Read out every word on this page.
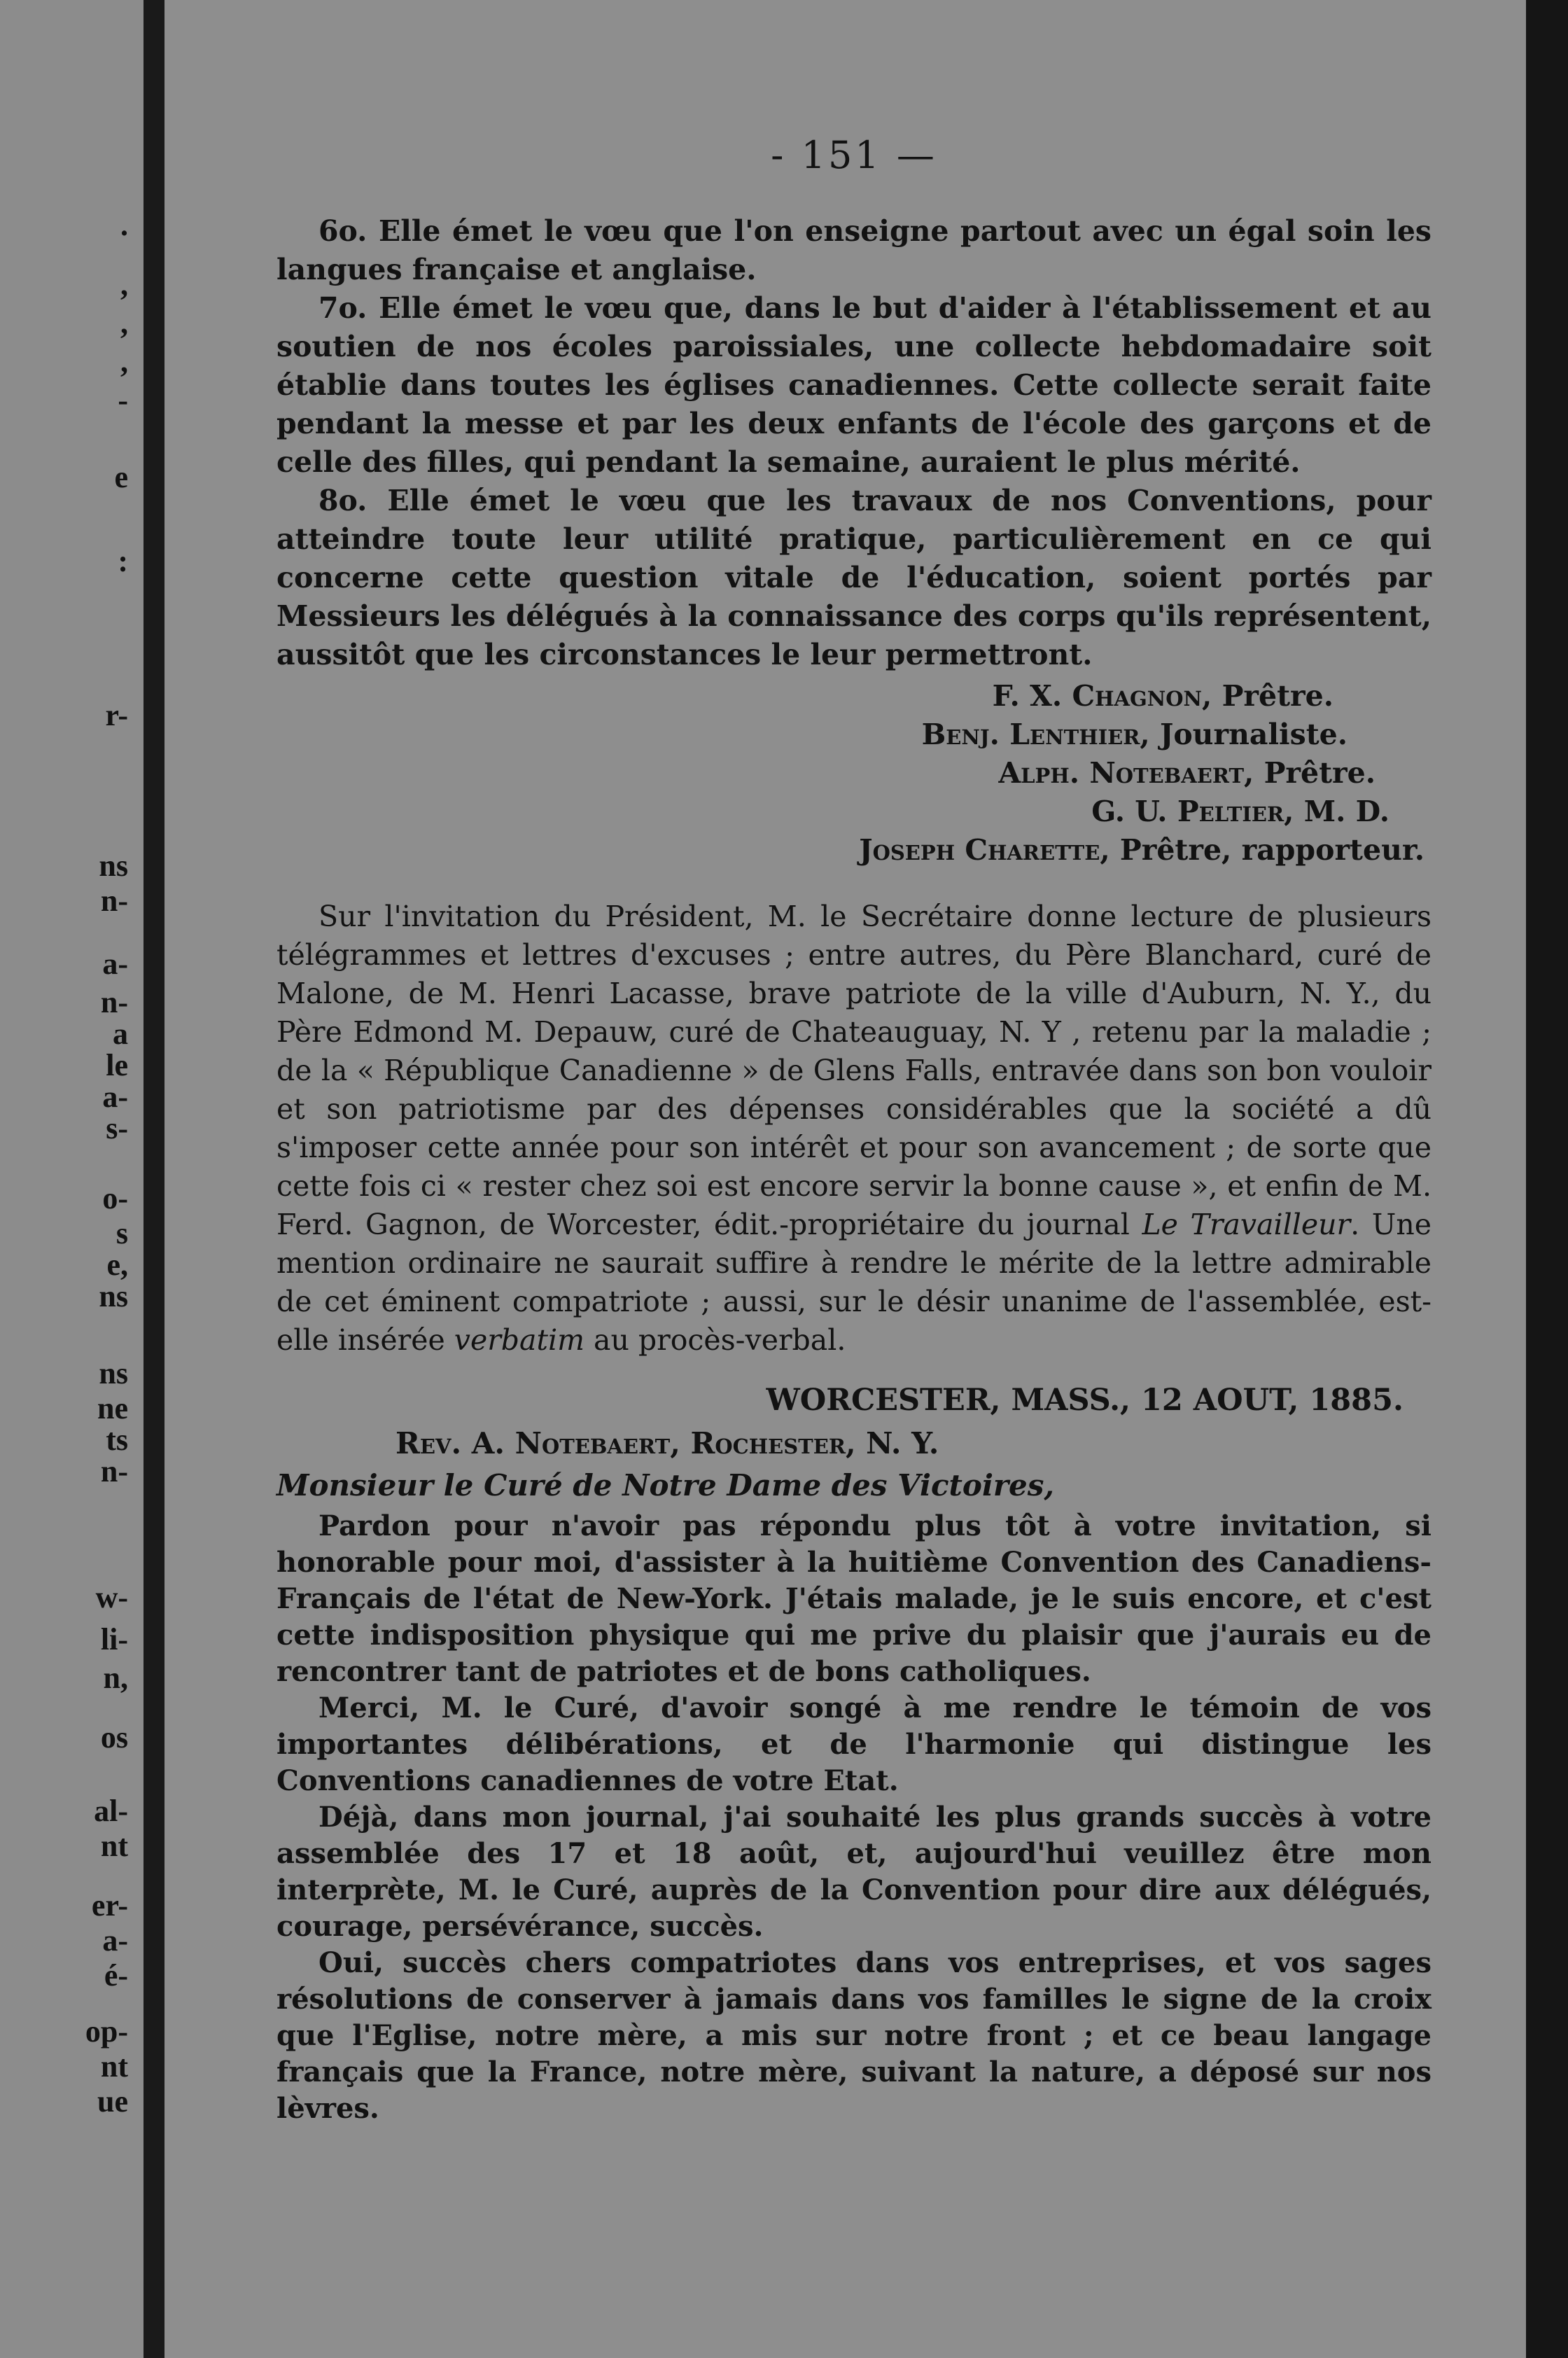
.
,
,
,
-
e
:
r-
ns
n-
a-
n-
a
le
a-
s-
o-
s
e,
ns
ns
ne
ts
n-
w-
li-
n,
os
al-
nt
er-
a-
é-
op-
nt
ue
- 151 —

6o. Elle émet le vœu que l'on enseigne partout avec un égal soin les langues française et anglaise.

7o. Elle émet le vœu que, dans le but d'aider à l'établissement et au soutien de nos écoles paroissiales, une collecte hebdomadaire soit établie dans toutes les églises canadiennes. Cette collecte serait faite pendant la messe et par les deux enfants de l'école des garçons et de celle des filles, qui pendant la semaine, auraient le plus mérité.

8o. Elle émet le vœu que les travaux de nos Conventions, pour atteindre toute leur utilité pratique, particulièrement en ce qui concerne cette question vitale de l'éducation, soient portés par Messieurs les délégués à la connaissance des corps qu'ils représentent, aussitôt que les circonstances le leur permettront.

F. X. Chagnon, Prêtre.

Benj. Lenthier, Journaliste.

Alph. Notebaert, Prêtre.

G. U. Peltier, M. D.

Joseph Charette, Prêtre, rapporteur.

Sur l'invitation du Président, M. le Secrétaire donne lecture de plusieurs télégrammes et lettres d'excuses ; entre autres, du Père Blanchard, curé de Malone, de M. Henri Lacasse, brave patriote de la ville d'Auburn, N. Y., du Père Edmond M. Depauw, curé de Chateauguay, N. Y , retenu par la maladie ; de la « République Canadienne » de Glens Falls, entravée dans son bon vouloir et son patriotisme par des dépenses considérables que la société a dû s'imposer cette année pour son intérêt et pour son avancement ; de sorte que cette fois ci « rester chez soi est encore servir la bonne cause », et enfin de M. Ferd. Gagnon, de Worcester, édit.-propriétaire du journal Le Travailleur. Une mention ordinaire ne saurait suffire à rendre le mérite de la lettre admirable de cet éminent compatriote ; aussi, sur le désir unanime de l'assemblée, est-elle insérée verbatim au procès-verbal.

WORCESTER, MASS., 12 AOUT, 1885.
Rev. A. Notebaert, Rochester, N. Y.
Monsieur le Curé de Notre Dame des Victoires,

Pardon pour n'avoir pas répondu plus tôt à votre invitation, si honorable pour moi, d'assister à la huitième Convention des Canadiens-Français de l'état de New-York. J'étais malade, je le suis encore, et c'est cette indisposition physique qui me prive du plaisir que j'aurais eu de rencontrer tant de patriotes et de bons catholiques.

Merci, M. le Curé, d'avoir songé à me rendre le témoin de vos importantes délibérations, et de l'harmonie qui distingue les Conventions canadiennes de votre Etat.

Déjà, dans mon journal, j'ai souhaité les plus grands succès à votre assemblée des 17 et 18 août, et, aujourd'hui veuillez être mon interprète, M. le Curé, auprès de la Convention pour dire aux délégués, courage, persévérance, succès.

Oui, succès chers compatriotes dans vos entreprises, et vos sages résolutions de conserver à jamais dans vos familles le signe de la croix que l'Eglise, notre mère, a mis sur notre front ; et ce beau langage français que la France, notre mère, suivant la nature, a déposé sur nos lèvres.
